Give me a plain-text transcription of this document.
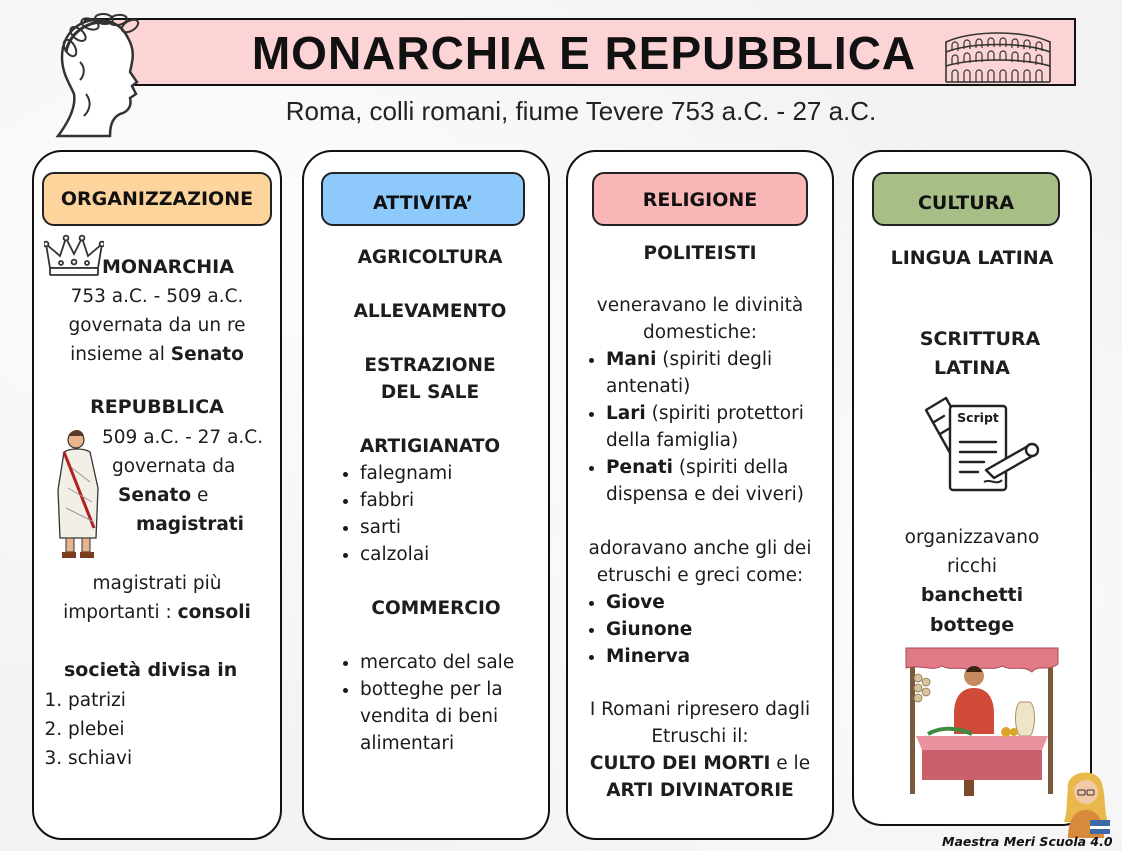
MONARCHIA E REPUBBLICA
Roma, colli romani, fiume Tevere 753 a.C. - 27 a.C.
ORGANIZZAZIONE
MONARCHIA
753 a.C. - 509 a.C.
governata da un re
insieme al Senato
REPUBBLICA
509 a.C. - 27 a.C.
governata da
Senato e
magistrati
magistrati più
importanti : consoli
società divisa in
1. patrizi
2. plebei
3. schiavi
ATTIVITA’
AGRICOLTURA
ALLEVAMENTO
ESTRAZIONE
DEL SALE
ARTIGIANATO
• falegnami
• fabbri
• sarti
• calzolai
COMMERCIO
• mercato del sale
• botteghe per la
vendita di beni
alimentari
RELIGIONE
POLITEISTI
veneravano le divinità
domestiche:
• Mani (spiriti degli
antenati)
• Lari (spiriti protettori
della famiglia)
• Penati (spiriti della
dispensa e dei viveri)
adoravano anche gli dei
etruschi e greci come:
• Giove
• Giunone
• Minerva
I Romani ripresero dagli
Etruschi il:
CULTO DEI MORTI e le
ARTI DIVINATORIE
CULTURA
LINGUA LATINA
SCRITTURA
LATINA
Script
organizzavano
ricchi
banchetti
bottege
Maestra Meri Scuola 4.0
